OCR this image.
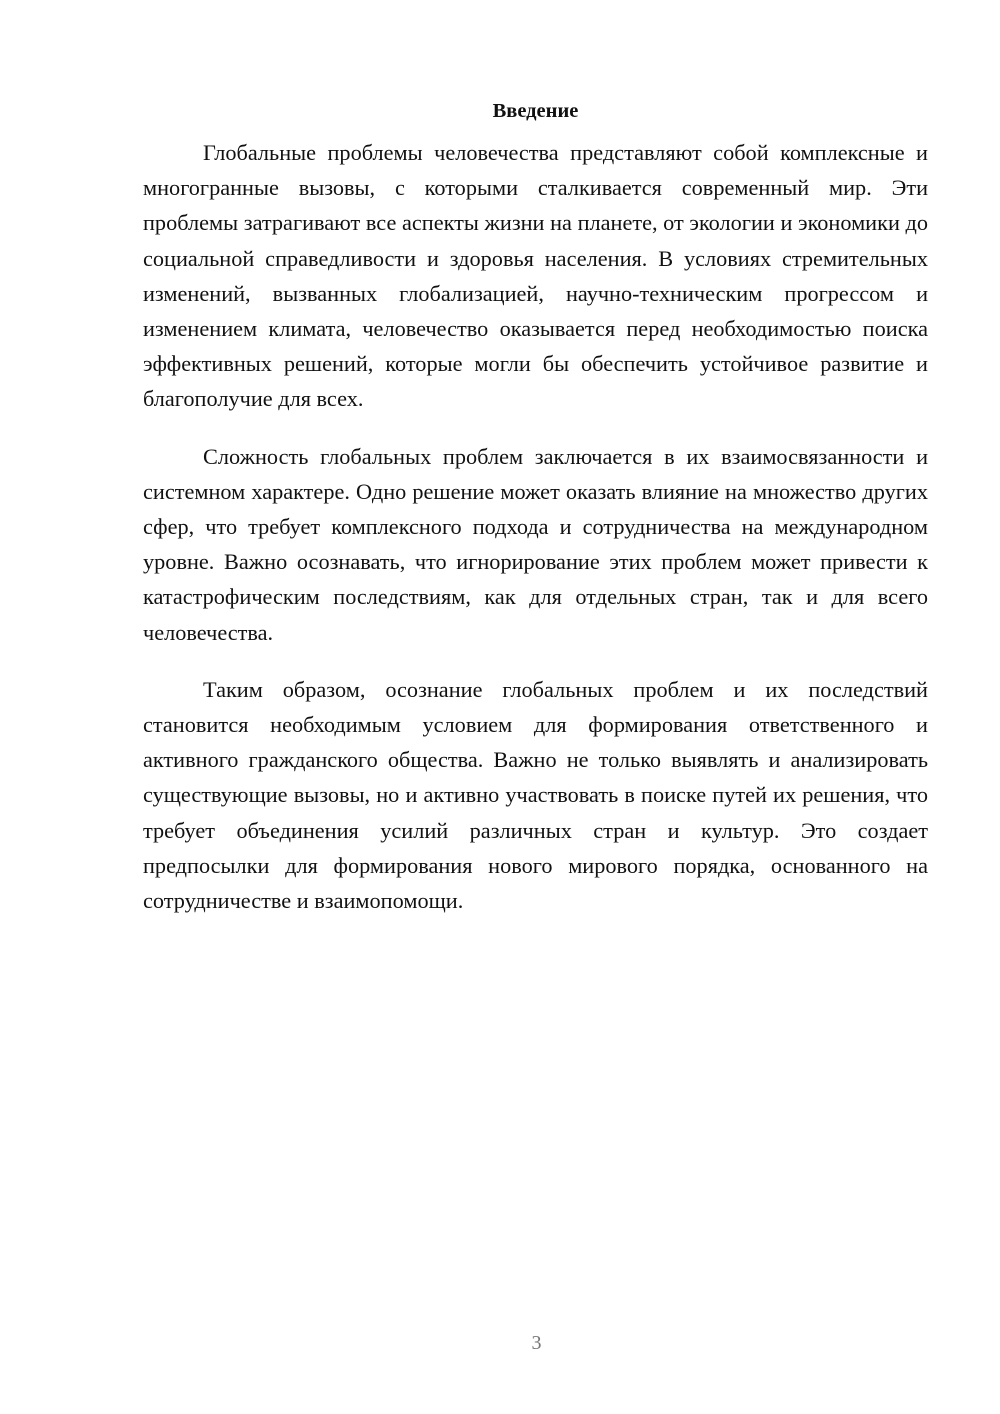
Введение

Глобальные проблемы человечества представляют собой комплексные и многогранные вызовы, с которыми сталкивается современный мир. Эти проблемы затрагивают все аспекты жизни на планете, от экологии и экономики до социальной справедливости и здоровья населения. В условиях стремительных изменений, вызванных глобализацией, научно-техническим прогрессом и изменением климата, человечество оказывается перед необходимостью поиска эффективных решений, которые могли бы обеспечить устойчивое развитие и благополучие для всех.

Сложность глобальных проблем заключается в их взаимосвязанности и системном характере. Одно решение может оказать влияние на множество других сфер, что требует комплексного подхода и сотрудничества на международном уровне. Важно осознавать, что игнорирование этих проблем может привести к катастрофическим последствиям, как для отдельных стран, так и для всего человечества.

Таким образом, осознание глобальных проблем и их последствий становится необходимым условием для формирования ответственного и активного гражданского общества. Важно не только выявлять и анализировать существующие вызовы, но и активно участвовать в поиске путей их решения, что требует объединения усилий различных стран и культур. Это создает предпосылки для формирования нового мирового порядка, основанного на сотрудничестве и взаимопомощи.

3
